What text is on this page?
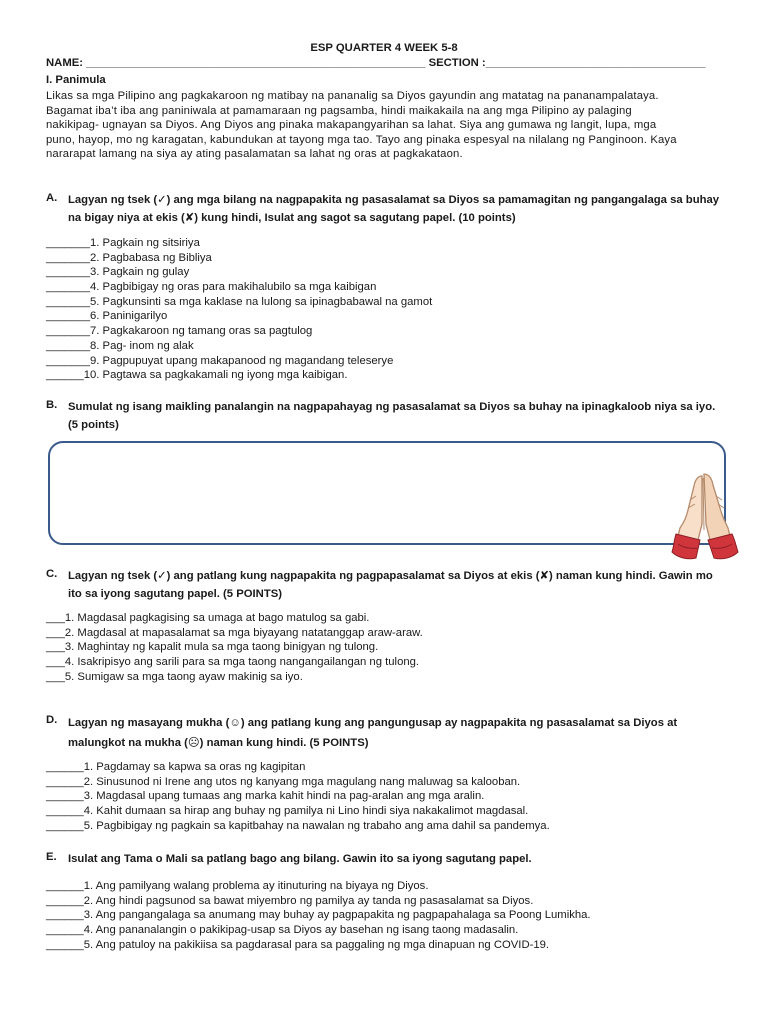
ESP QUARTER 4 WEEK 5-8
NAME: ______________________________________________________ SECTION :___________________________________
I. Panimula

Likas sa mga Pilipino ang pagkakaroon ng matibay na pananalig sa Diyos gayundin ang matatag na pananampalataya.

Bagamat iba’t iba ang paniniwala at pamamaraan ng pagsamba, hindi maikakaila na ang mga Pilipino ay palaging

nakikipag- ugnayan sa Diyos. Ang Diyos ang pinaka makapangyarihan sa lahat. Siya ang gumawa ng langit, lupa, mga

puno, hayop, mo ng karagatan, kabundukan at tayong mga tao. Tayo ang pinaka espesyal na nilalang ng Panginoon. Kaya

nararapat lamang na siya ay ating pasalamatan sa lahat ng oras at pagkakataon.

A. Lagyan ng tsek (✓) ang mga bilang na nagpapakita ng pasasalamat sa Diyos sa pamamagitan ng pangangalaga sa buhay na bigay niya at ekis (✘) kung hindi, Isulat ang sagot sa sagutang papel. (10 points)
_______1. Pagkain ng sitsiriya
_______2. Pagbabasa ng Bibliya
_______3. Pagkain ng gulay
_______4. Pagbibigay ng oras para makihalubilo sa mga kaibigan
_______5. Pagkunsinti sa mga kaklase na lulong sa ipinagbabawal na gamot
_______6. Paninigarilyo
_______7. Pagkakaroon ng tamang oras sa pagtulog
_______8. Pag- inom ng alak
_______9. Pagpupuyat upang makapanood ng magandang teleserye
______10. Pagtawa sa pagkakamali ng iyong mga kaibigan.
B. Sumulat ng isang maikling panalangin na nagpapahayag ng pasasalamat sa Diyos sa buhay na ipinagkaloob niya sa iyo. (5 points)
C. Lagyan ng tsek (✓) ang patlang kung nagpapakita ng pagpapasalamat sa Diyos at ekis (✘) naman kung hindi. Gawin mo ito sa iyong sagutang papel. (5 POINTS)
___1. Magdasal pagkagising sa umaga at bago matulog sa gabi.
___2. Magdasal at mapasalamat sa mga biyayang natatanggap araw-araw.
___3. Maghintay ng kapalit mula sa mga taong binigyan ng tulong.
___4. Isakripisyo ang sarili para sa mga taong nangangailangan ng tulong.
___5. Sumigaw sa mga taong ayaw makinig sa iyo.
D. Lagyan ng masayang mukha (☺) ang patlang kung ang pangungusap ay nagpapakita ng pasasalamat sa Diyos at malungkot na mukha (☹) naman kung hindi. (5 POINTS)
______1. Pagdamay sa kapwa sa oras ng kagipitan
______2. Sinusunod ni Irene ang utos ng kanyang mga magulang nang maluwag sa kalooban.
______3. Magdasal upang tumaas ang marka kahit hindi na pag-aralan ang mga aralin.
______4. Kahit dumaan sa hirap ang buhay ng pamilya ni Lino hindi siya nakakalimot magdasal.
______5. Pagbibigay ng pagkain sa kapitbahay na nawalan ng trabaho ang ama dahil sa pandemya.
E. Isulat ang Tama o Mali sa patlang bago ang bilang. Gawin ito sa iyong sagutang papel.
______1. Ang pamilyang walang problema ay itinuturing na biyaya ng Diyos.
______2. Ang hindi pagsunod sa bawat miyembro ng pamilya ay tanda ng pasasalamat sa Diyos.
______3. Ang pangangalaga sa anumang may buhay ay pagpapakita ng pagpapahalaga sa Poong Lumikha.
______4. Ang pananalangin o pakikipag-usap sa Diyos ay basehan ng isang taong madasalin.
______5. Ang patuloy na pakikiisa sa pagdarasal para sa paggaling ng mga dinapuan ng COVID-19.
